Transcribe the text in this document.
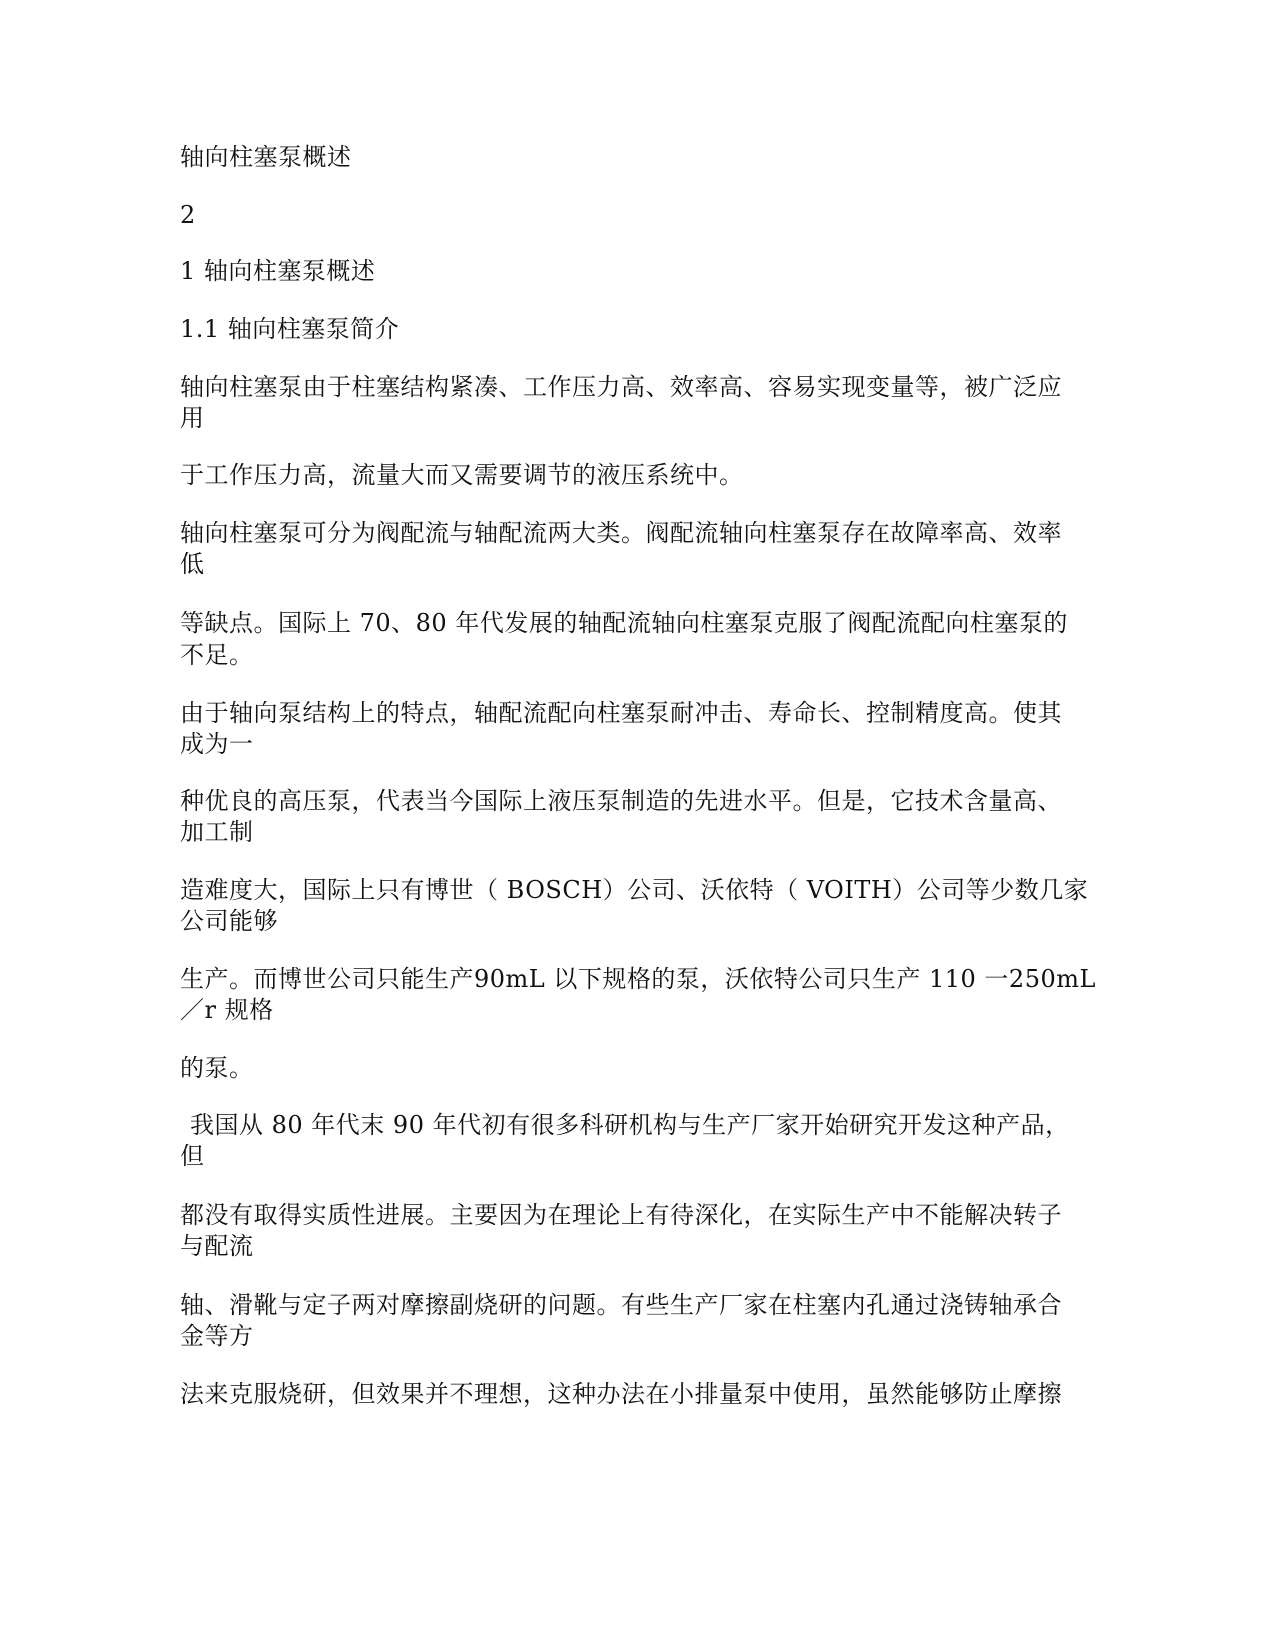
轴向柱塞泵概述
2
1 轴向柱塞泵概述
1.1 轴向柱塞泵简介
轴向柱塞泵由于柱塞结构紧凑、工作压力高、效率高、容易实现变量等，被广泛应
用
于工作压力高，流量大而又需要调节的液压系统中。
轴向柱塞泵可分为阀配流与轴配流两大类。阀配流轴向柱塞泵存在故障率高、效率
低
等缺点。国际上 70、80 年代发展的轴配流轴向柱塞泵克服了阀配流配向柱塞泵的
不足。
由于轴向泵结构上的特点，轴配流配向柱塞泵耐冲击、寿命长、控制精度高。使其
成为一
种优良的高压泵，代表当今国际上液压泵制造的先进水平。但是，它技术含量高、
加工制
造难度大，国际上只有博世（ BOSCH）公司、沃依特（ VOITH）公司等少数几家
公司能够
生产。而博世公司只能生产90mL 以下规格的泵，沃依特公司只生产 110 一250mL
／r 规格
的泵。
我国从 80 年代末 90 年代初有很多科研机构与生产厂家开始研究开发这种产品，
但
都没有取得实质性进展。主要因为在理论上有待深化，在实际生产中不能解决转子
与配流
轴、滑靴与定子两对摩擦副烧研的问题。有些生产厂家在柱塞内孔通过浇铸轴承合
金等方
法来克服烧研，但效果并不理想，这种办法在小排量泵中使用，虽然能够防止摩擦
